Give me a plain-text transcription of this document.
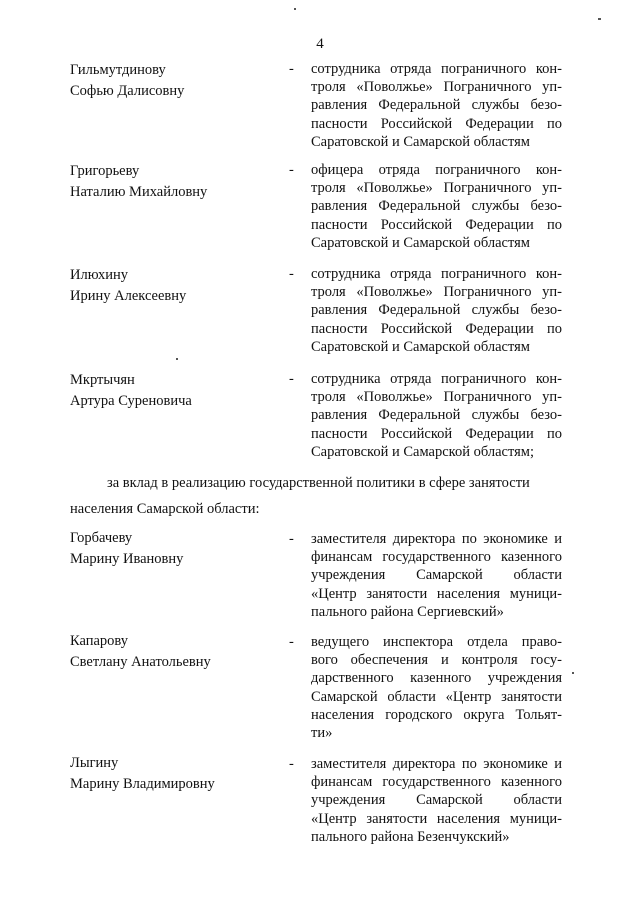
4
Гильмутдинову
Софью Далисовну
- сотрудника отряда пограничного кон-
троля «Поволжье» Пограничного уп-
равления Федеральной службы безо-
пасности Российской Федерации по
Саратовской и Самарской областям
Григорьеву
Наталию Михайловну
- офицера отряда пограничного кон-
троля «Поволжье» Пограничного уп-
равления Федеральной службы безо-
пасности Российской Федерации по
Саратовской и Самарской областям
Илюхину
Ирину Алексеевну
- сотрудника отряда пограничного кон-
троля «Поволжье» Пограничного уп-
равления Федеральной службы безо-
пасности Российской Федерации по
Саратовской и Самарской областям
Мкртычян
Артура Суреновича
- сотрудника отряда пограничного кон-
троля «Поволжье» Пограничного уп-
равления Федеральной службы безо-
пасности Российской Федерации по
Саратовской и Самарской областям;
за вклад в реализацию государственной политики в сфере занятости
населения Самарской области:
Горбачеву
Марину Ивановну
- заместителя директора по экономике и
финансам государственного казенного
учреждения Самарской области
«Центр занятости населения муници-
пального района Сергиевский»
Капарову
Светлану Анатольевну
- ведущего инспектора отдела право-
вого обеспечения и контроля госу-
дарственного казенного учреждения
Самарской области «Центр занятости
населения городского округа Тольят-
ти»
Лыгину
Марину Владимировну
- заместителя директора по экономике и
финансам государственного казенного
учреждения Самарской области
«Центр занятости населения муници-
пального района Безенчукский»
